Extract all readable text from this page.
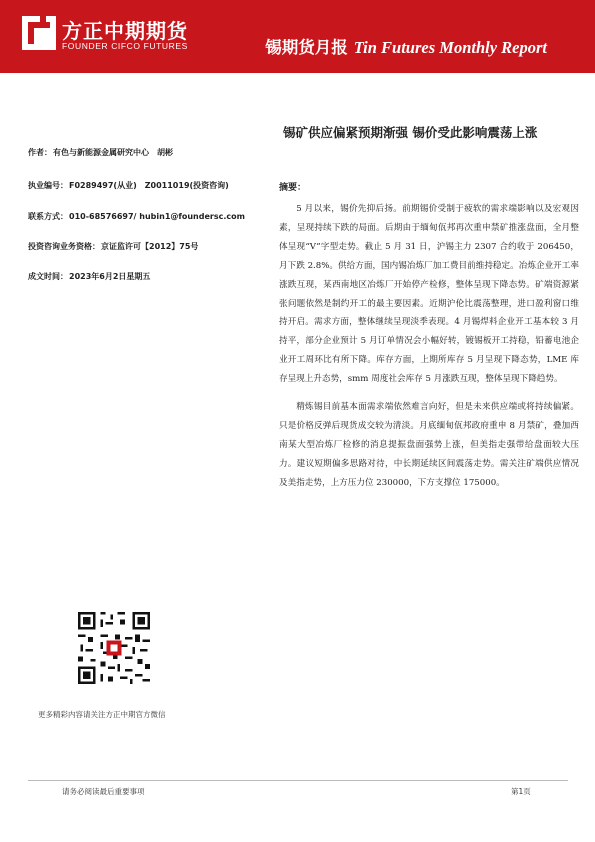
方正中期期货
FOUNDER CIFCO FUTURES	锡期货月报 Tin Futures Monthly Report
锡矿供应偏紧预期渐强 锡价受此影响震荡上涨
作者：有色与新能源金属研究中心　胡彬
执业编号：F0289497(从业)　Z0011019(投资咨询)
联系方式：010-68576697/ hubin1@foundersc.com
投资咨询业务资格：京证监许可【2012】75号
成文时间：2023年6月2日星期五
摘要：

5 月以来，锡价先抑后扬。前期锡价受制于疲软的需求端影响以及宏观因素，呈现持续下跌的局面。后期由于缅甸佤邦再次重申禁矿推涨盘面，全月整体呈现“V”字型走势。截止 5 月 31 日，沪锡主力 2307 合约收于 206450，月下跌 2.8%。供给方面，国内锡冶炼厂加工费目前维持稳定。冶炼企业开工率涨跌互现，某西南地区冶炼厂开始停产检修，整体呈现下降态势。矿端资源紧张问题依然是制约开工的最主要因素。近期沪伦比震荡整理，进口盈利窗口维持开启。需求方面，整体继续呈现淡季表现。4 月锡焊料企业开工基本较 3 月持平，部分企业预计 5 月订单情况会小幅好转，镀锡板开工持稳，铅蓄电池企业开工周环比有所下降。库存方面，上期所库存 5 月呈现下降态势，LME 库存呈现上升态势，smm 周度社会库存 5 月涨跌互现，整体呈现下降趋势。

精炼锡目前基本面需求端依然难言向好，但是未来供应端或将持续偏紧。只是价格反弹后现货成交较为清淡。月底缅甸佤邦政府重申 8 月禁矿，叠加西南某大型冶炼厂检修的消息提振盘面强势上涨，但美指走强带给盘面较大压力。建议短期偏多思路对待，中长期延续区间震荡走势。需关注矿端供应情况及美指走势，上方压力位 230000，下方支撑位 175000。

更多精彩内容请关注方正中期官方微信
请务必阅读最后重要事项	第1页
